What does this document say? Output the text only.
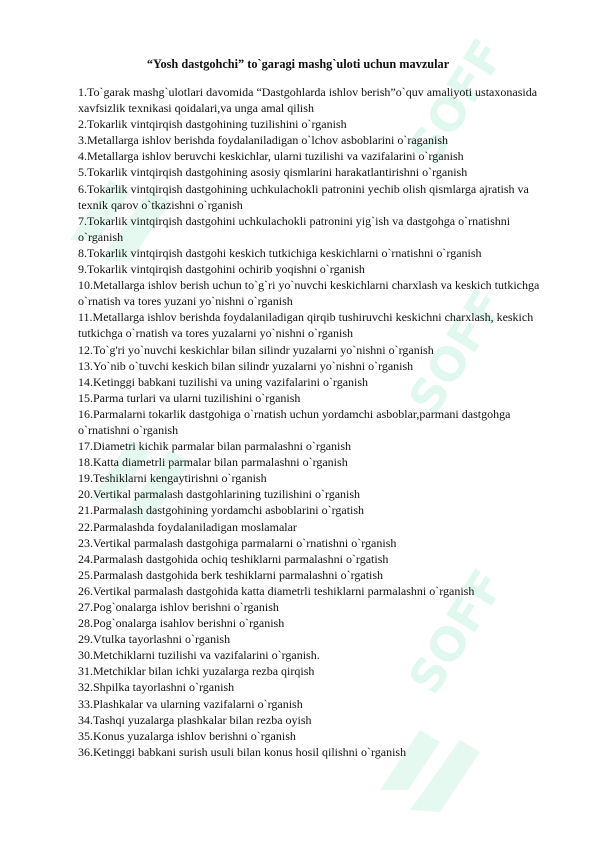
SOFF
SOFF
SOFF
“Yosh dastgohchi” to`garagi mashg`uloti uchun mavzular
1.To`garak mashg`ulotlari davomida “Dastgohlarda ishlov berish”o`quv amaliyoti ustaxonasida xavfsizlik texnikasi qoidalari,va unga amal qilish
2.Tokarlik vintqirqish dastgohining tuzilishini o`rganish
3.Metallarga ishlov berishda foydalaniladigan o`lchov asboblarini o`raganish
4.Metallarga ishlov beruvchi keskichlar, ularni tuzilishi va vazifalarini o`rganish
5.Tokarlik vintqirqish dastgohining asosiy qismlarini harakatlantirishni o`rganish
6.Tokarlik vintqirqish dastgohining uchkulachokli patronini yechib olish qismlarga ajratish va texnik qarov o`tkazishni o`rganish
7.Tokarlik vintqirqish dastgohini uchkulachokli patronini yig`ish va dastgohga o`rnatishni o`rganish
8.Tokarlik vintqirqish dastgohi keskich tutkichiga keskichlarni o`rnatishni o`rganish
9.Tokarlik vintqirqish dastgohini ochirib yoqishni o`rganish
10.Metallarga ishlov berish uchun to`g`ri yo`nuvchi keskichlarni charxlash va keskich tutkichga o`rnatish va tores yuzani yo`nishni o`rganish
11.Metallarga ishlov berishda foydalaniladigan qirqib tushiruvchi keskichni charxlash, keskich tutkichga o`rnatish va tores yuzalarni yo`nishni o`rganish
12.To`g'ri yo`nuvchi keskichlar bilan silindr yuzalarni yo`nishni o`rganish
13.Yo`nib o`tuvchi keskich bilan silindr yuzalarni yo`nishni o`rganish
14.Ketinggi babkani tuzilishi va uning vazifalarini o`rganish
15.Parma turlari va ularni tuzilishini o`rganish
16.Parmalarni tokarlik dastgohiga o`rnatish uchun yordamchi asboblar,parmani dastgohga o`rnatishni o`rganish
17.Diametri kichik parmalar bilan parmalashni o`rganish
18.Katta diametrli parmalar bilan parmalashni o`rganish
19.Teshiklarni kengaytirishni o`rganish
20.Vertikal parmalash dastgohlarining tuzilishini o`rganish
21.Parmalash dastgohining yordamchi asboblarini o`rgatish
22.Parmalashda foydalaniladigan moslamalar
23.Vertikal parmalash dastgohiga parmalarni o`rnatishni o`rganish
24.Parmalash dastgohida ochiq teshiklarni parmalashni o`rgatish
25.Parmalash dastgohida berk teshiklarni parmalashni o`rgatish
26.Vertikal parmalash dastgohida katta diametrli teshiklarni parmalashni o`rganish
27.Pog`onalarga ishlov berishni o`rganish
28.Pog`onalarga isahlov berishni o`rganish
29.Vtulka tayorlashni o`rganish
30.Metchiklarni tuzilishi va vazifalarini o`rganish.
31.Metchiklar bilan ichki yuzalarga rezba qirqish
32.Shpilka tayorlashni o`rganish
33.Plashkalar va ularning vazifalarni o`rganish
34.Tashqi yuzalarga plashkalar bilan rezba oyish
35.Konus yuzalarga ishlov berishni o`rganish
36.Ketinggi babkani surish usuli bilan konus hosil qilishni o`rganish
